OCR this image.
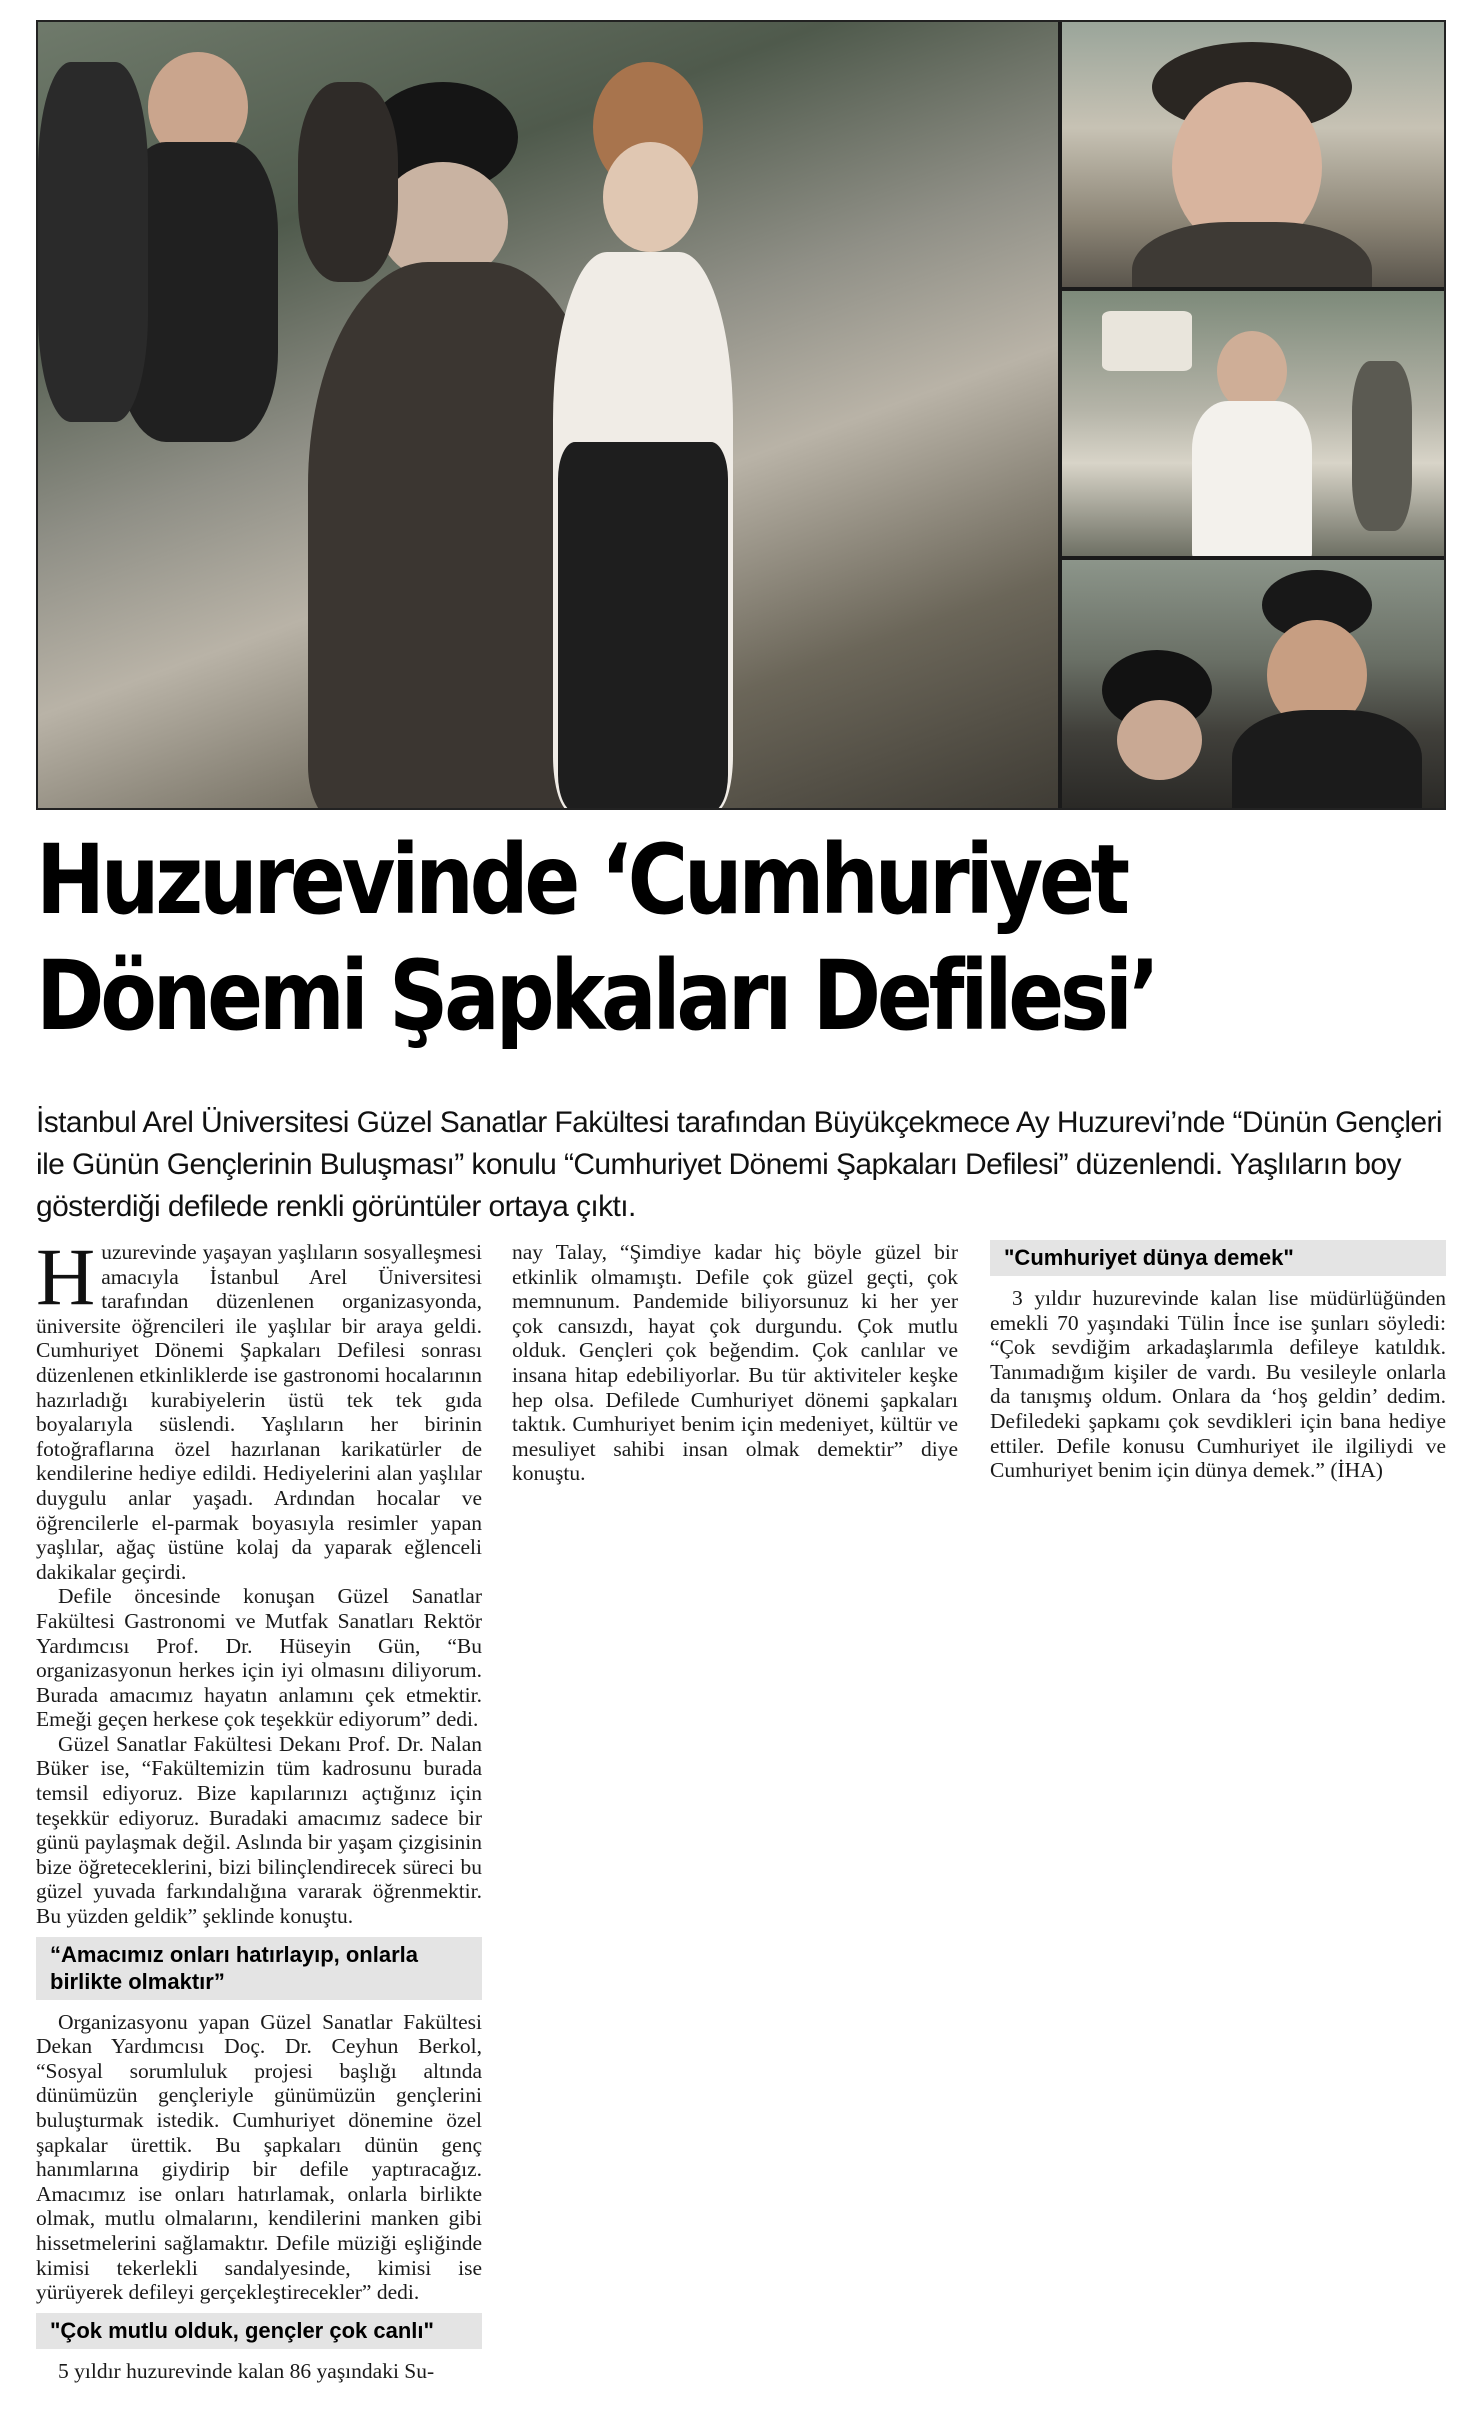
Huzurevinde ‘Cumhuriyet
Dönemi Şapkaları Defilesi’

İstanbul Arel Üniversitesi Güzel Sanatlar Fakültesi tarafından Büyükçekmece Ay Huzurevi’nde “Dünün Gençleri ile Günün Gençlerinin Buluşması” konulu “Cumhuriyet Dönemi Şapkaları Defilesi” düzenlendi. Yaşlıların boy gösterdiği defilede renkli görüntüler ortaya çıktı.

Huzurevinde yaşayan yaşlıların sosyalleşmesi amacıyla İstanbul Arel Üniversitesi tarafından düzenlenen organizasyonda, üniversite öğrencileri ile yaşlılar bir araya geldi. Cumhuriyet Dönemi Şapkaları Defilesi sonrası düzenlenen etkinliklerde ise gastronomi hocalarının hazırladığı kurabiyelerin üstü tek tek gıda boyalarıyla süslendi. Yaşlıların her birinin fotoğraflarına özel hazırlanan karikatürler de kendilerine hediye edildi. Hediyelerini alan yaşlılar duygulu anlar yaşadı. Ardından hocalar ve öğrencilerle el-parmak boyasıyla resimler yapan yaşlılar, ağaç üstüne kolaj da yaparak eğlenceli dakikalar geçirdi.

Defile öncesinde konuşan Güzel Sanatlar Fakültesi Gastronomi ve Mutfak Sanatları Rektör Yardımcısı Prof. Dr. Hüseyin Gün, “Bu organizasyonun herkes için iyi olmasını diliyorum. Burada amacımız hayatın anlamını çek etmektir. Emeği geçen herkese çok teşekkür ediyorum” dedi.

Güzel Sanatlar Fakültesi Dekanı Prof. Dr. Nalan Büker ise, “Fakültemizin tüm kadrosunu burada temsil ediyoruz. Bize kapılarınızı açtığınız için teşekkür ediyoruz. Buradaki amacımız sadece bir günü paylaşmak değil. Aslında bir yaşam çizgisinin bize öğreteceklerini, bizi bilinçlendirecek süreci bu güzel yuvada farkındalığına vararak öğrenmektir. Bu yüzden geldik” şeklinde konuştu.

“Amacımız onları hatırlayıp, onlarla birlikte olmaktır”

Organizasyonu yapan Güzel Sanatlar Fakültesi Dekan Yardımcısı Doç. Dr. Ceyhun Berkol, “Sosyal sorumluluk projesi başlığı altında dünümüzün gençleriyle günümüzün gençlerini buluşturmak istedik. Cumhuriyet dönemine özel şapkalar ürettik. Bu şapkaları dünün genç hanımlarına giydirip bir defile yaptıracağız. Amacımız ise onları hatırlamak, onlarla birlikte olmak, mutlu olmalarını, kendilerini manken gibi hissetmelerini sağlamaktır. Defile müziği eşliğinde kimisi tekerlekli sandalyesinde, kimisi ise yürüyerek defileyi gerçekleştirecekler” dedi.

"Çok mutlu olduk, gençler çok canlı"

5 yıldır huzurevinde kalan 86 yaşındaki Su-

nay Talay, “Şimdiye kadar hiç böyle güzel bir etkinlik olmamıştı. Defile çok güzel geçti, çok memnunum. Pandemide biliyorsunuz ki her yer çok cansızdı, hayat çok durgundu. Çok mutlu olduk. Gençleri çok beğendim. Çok canlılar ve insana hitap edebiliyorlar. Bu tür aktiviteler keşke hep olsa. Defilede Cumhuriyet dönemi şapkaları taktık. Cumhuriyet benim için medeniyet, kültür ve mesuliyet sahibi insan olmak demektir” diye konuştu.

"Cumhuriyet dünya demek"

3 yıldır huzurevinde kalan lise müdürlüğünden emekli 70 yaşındaki Tülin İnce ise şunları söyledi: “Çok sevdiğim arkadaşlarımla defileye katıldık. Tanımadığım kişiler de vardı. Bu vesileyle onlarla da tanışmış oldum. Onlara da ‘hoş geldin’ dedim. Defiledeki şapkamı çok sevdikleri için bana hediye ettiler. Defile konusu Cumhuriyet ile ilgiliydi ve Cumhuriyet benim için dünya demek.” (İHA)
